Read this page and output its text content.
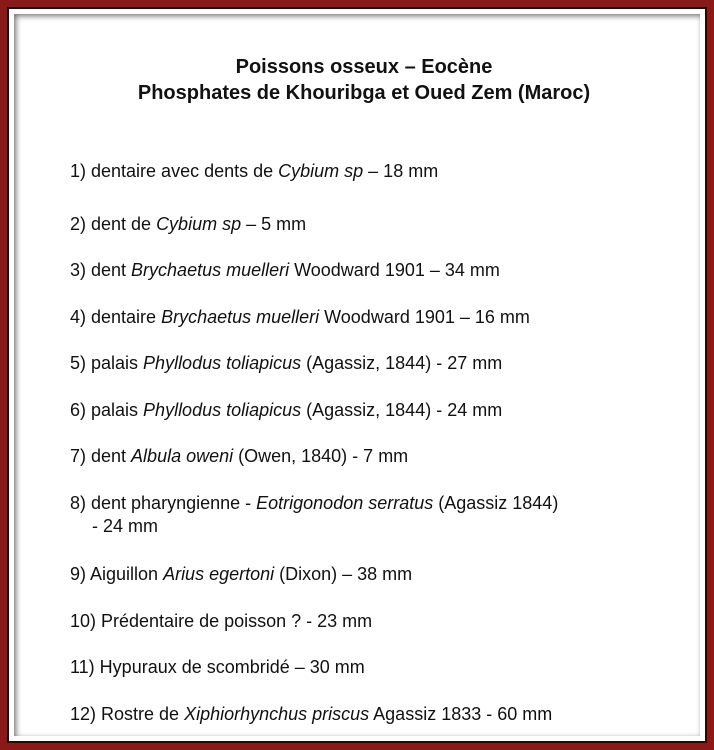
Poissons osseux – Eocène
Phosphates de Khouribga et Oued Zem (Maroc)
1) dentaire avec dents de Cybium sp – 18 mm
2) dent de Cybium sp – 5 mm
3) dent Brychaetus muelleri Woodward 1901 – 34 mm
4) dentaire Brychaetus muelleri Woodward 1901 – 16 mm
5) palais Phyllodus toliapicus (Agassiz, 1844) - 27 mm
6) palais Phyllodus toliapicus (Agassiz, 1844) - 24 mm
7) dent Albula oweni (Owen, 1840) - 7 mm
8) dent pharyngienne - Eotrigonodon serratus (Agassiz 1844)
- 24 mm
9) Aiguillon Arius egertoni (Dixon) – 38 mm
10) Prédentaire de poisson ? - 23 mm
11) Hypuraux de scombridé – 30 mm
12) Rostre de Xiphiorhynchus priscus Agassiz 1833 - 60 mm
